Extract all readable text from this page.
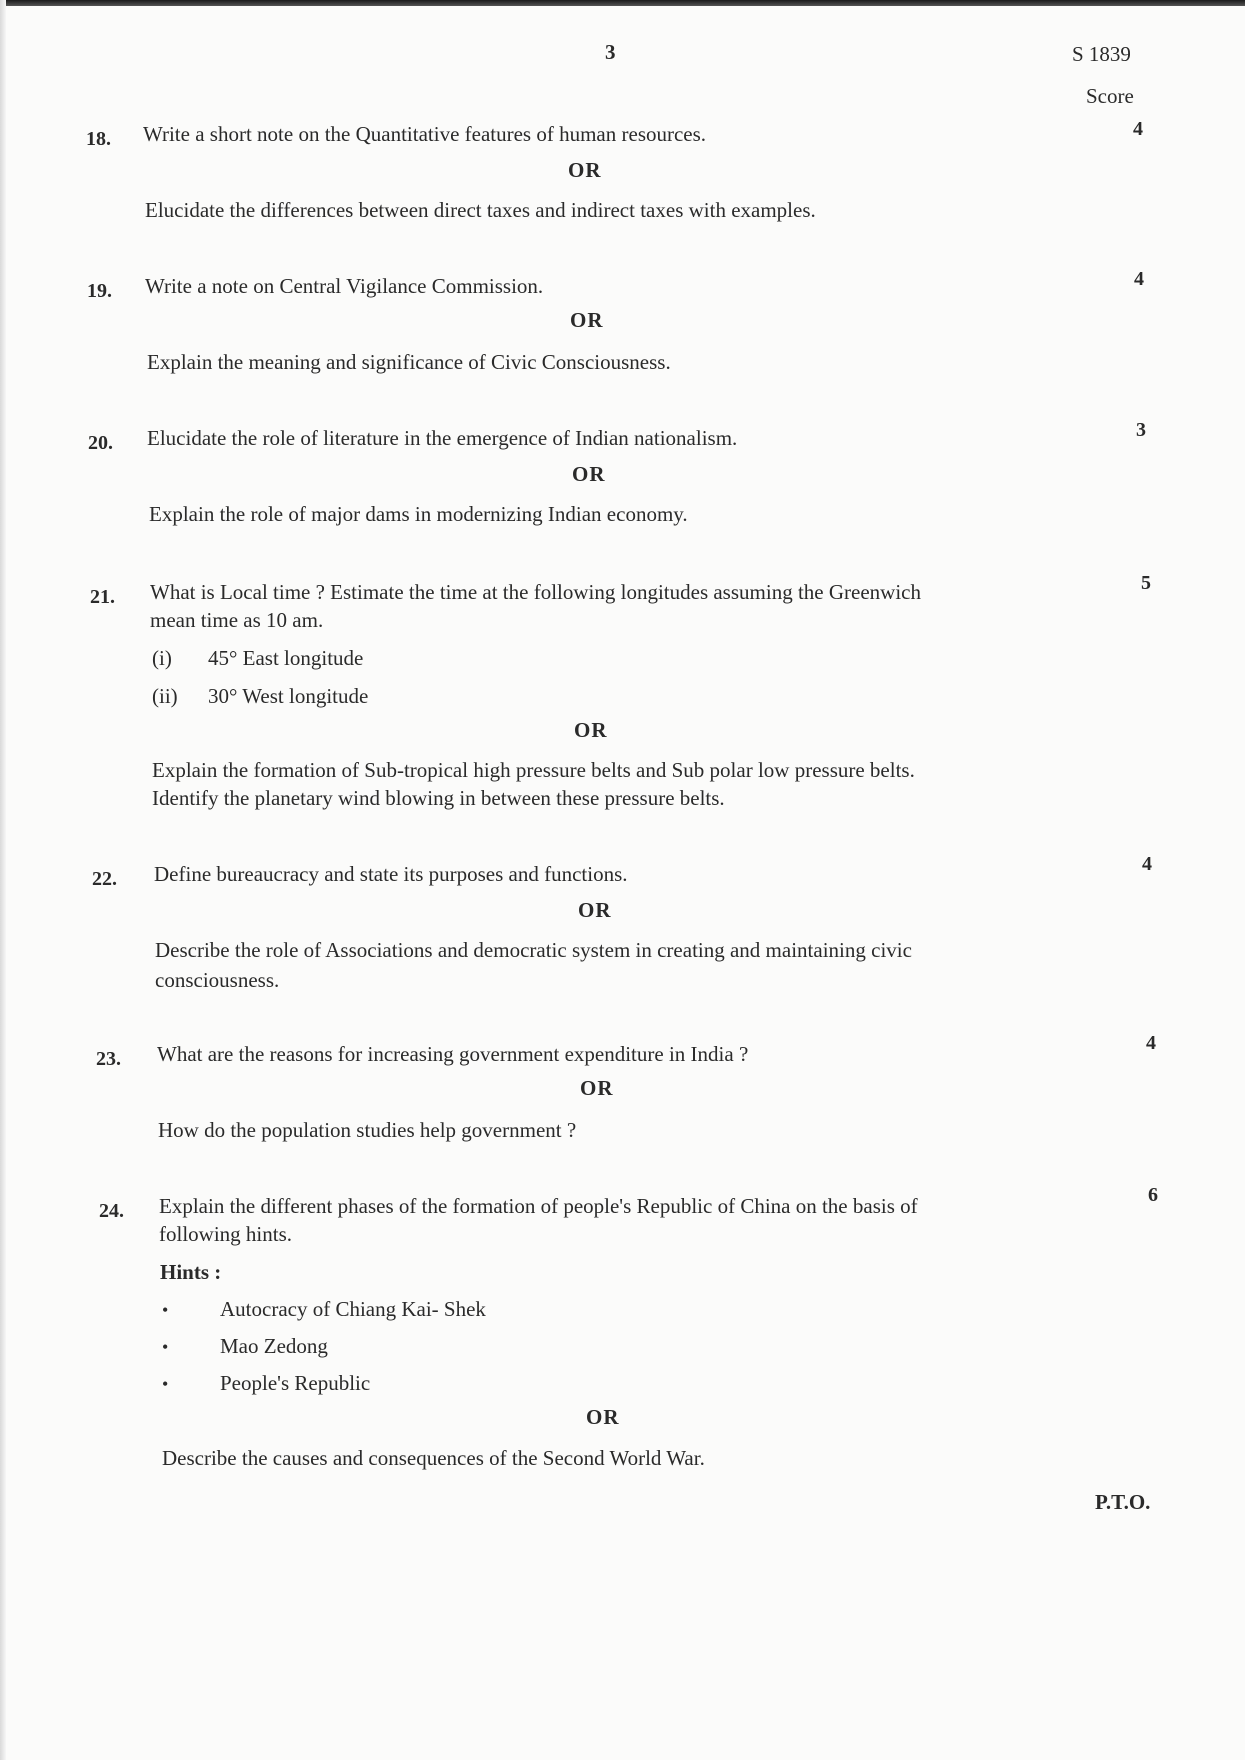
3	S 1839
Score
18. Write a short note on the Quantitative features of human resources.	4
OR
Elucidate the differences between direct taxes and indirect taxes with examples.
19. Write a note on Central Vigilance Commission.	4
OR
Explain the meaning and significance of Civic Consciousness.
20. Elucidate the role of literature in the emergence of Indian nationalism.	3
OR
Explain the role of major dams in modernizing Indian economy.
21. What is Local time ? Estimate the time at the following longitudes assuming the Greenwich
mean time as 10 am.
5
(i) 45° East longitude
(ii) 30° West longitude
OR
Explain the formation of Sub-tropical high pressure belts and Sub polar low pressure belts.
Identify the planetary wind blowing in between these pressure belts.
22. Define bureaucracy and state its purposes and functions.	4
OR
Describe the role of Associations and democratic system in creating and maintaining civic
consciousness.
23. What are the reasons for increasing government expenditure in India ?	4
OR
How do the population studies help government ?
24. Explain the different phases of the formation of people's Republic of China on the basis of
following hints.
6
Hints :
• Autocracy of Chiang Kai- Shek
• Mao Zedong
• People's Republic
OR
Describe the causes and consequences of the Second World War.
P.T.O.
